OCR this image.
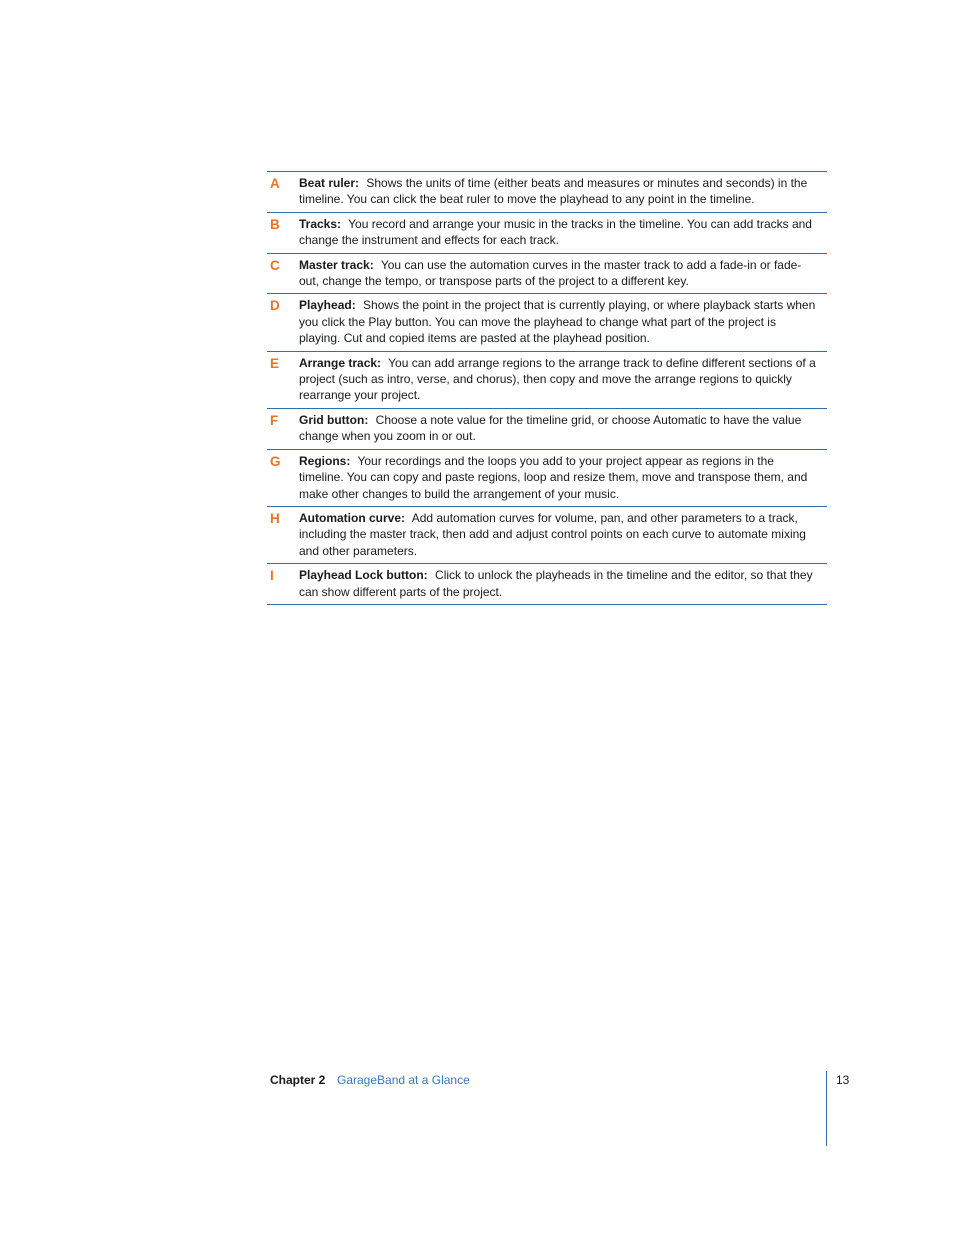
A	Beat ruler: Shows the units of time (either beats and measures or minutes and seconds) in the timeline. You can click the beat ruler to move the playhead to any point in the timeline.
B	Tracks: You record and arrange your music in the tracks in the timeline. You can add tracks and change the instrument and effects for each track.
C	Master track: You can use the automation curves in the master track to add a fade-in or fade-out, change the tempo, or transpose parts of the project to a different key.
D	Playhead: Shows the point in the project that is currently playing, or where playback starts when you click the Play button. You can move the playhead to change what part of the project is playing. Cut and copied items are pasted at the playhead position.
E	Arrange track: You can add arrange regions to the arrange track to define different sections of a project (such as intro, verse, and chorus), then copy and move the arrange regions to quickly rearrange your project.
F	Grid button: Choose a note value for the timeline grid, or choose Automatic to have the value change when you zoom in or out.
G	Regions: Your recordings and the loops you add to your project appear as regions in the timeline. You can copy and paste regions, loop and resize them, move and transpose them, and make other changes to build the arrangement of your music.
H	Automation curve: Add automation curves for volume, pan, and other parameters to a track, including the master track, then add and adjust control points on each curve to automate mixing and other parameters.
I	Playhead Lock button: Click to unlock the playheads in the timeline and the editor, so that they can show different parts of the project.
Chapter 2 GarageBand at a Glance	13
